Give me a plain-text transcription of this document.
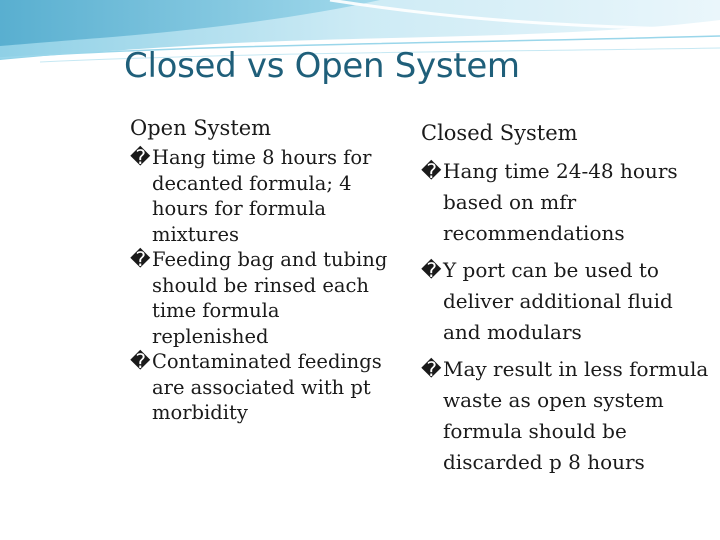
Closed vs Open System
Open System
� Hang time 8 hours for decanted formula; 4 hours for formula mixtures
� Feeding bag and tubing should be rinsed each time formula replenished
� Contaminated feedings are associated with pt morbidity
Closed System
� Hang time 24-48 hours based on mfr recommendations
� Y port can be used to deliver additional fluid and modulars
� May result in less formula waste as open system formula should be discarded p 8 hours
